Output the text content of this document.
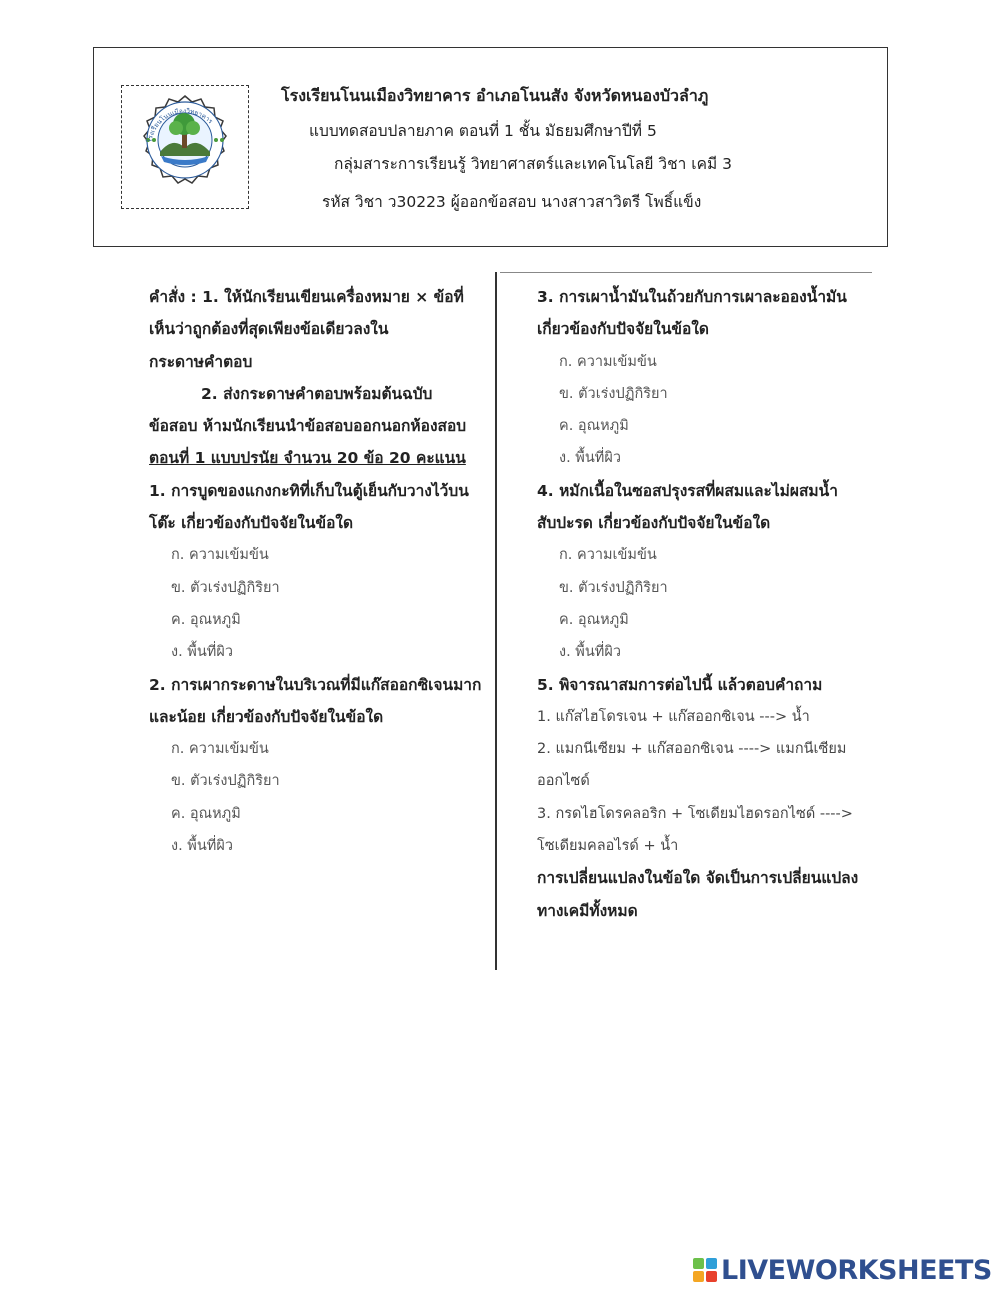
โรงเรียนโนนเมืองวิทยาคาร
โรงเรียนโนนเมืองวิทยาคาร อำเภอโนนสัง จังหวัดหนองบัวลำภู
แบบทดสอบปลายภาค ตอนที่ 1 ชั้น มัธยมศึกษาปีที่ 5
กลุ่มสาระการเรียนรู้ วิทยาศาสตร์และเทคโนโลยี วิชา เคมี 3
รหัส วิชา ว30223 ผู้ออกข้อสอบ นางสาวสาวิตรี โพธิ์แข็ง
คำสั่ง : 1. ให้นักเรียนเขียนเครื่องหมาย × ข้อที่
เห็นว่าถูกต้องที่สุดเพียงข้อเดียวลงใน
กระดาษคำตอบ
2. ส่งกระดาษคำตอบพร้อมต้นฉบับ
ข้อสอบ ห้ามนักเรียนนำข้อสอบออกนอกห้องสอบ
ตอนที่ 1 แบบปรนัย จำนวน 20 ข้อ 20 คะแนน
1. การบูดของแกงกะทิที่เก็บในตู้เย็นกับวางไว้บน
โต๊ะ เกี่ยวข้องกับปัจจัยในข้อใด
ก. ความเข้มข้น
ข. ตัวเร่งปฏิกิริยา
ค. อุณหภูมิ
ง. พื้นที่ผิว
2. การเผากระดาษในบริเวณที่มีแก๊สออกซิเจนมาก
และน้อย เกี่ยวข้องกับปัจจัยในข้อใด
ก. ความเข้มข้น
ข. ตัวเร่งปฏิกิริยา
ค. อุณหภูมิ
ง. พื้นที่ผิว
3. การเผาน้ำมันในถ้วยกับการเผาละอองน้ำมัน
เกี่ยวข้องกับปัจจัยในข้อใด
ก. ความเข้มข้น
ข. ตัวเร่งปฏิกิริยา
ค. อุณหภูมิ
ง. พื้นที่ผิว
4. หมักเนื้อในซอสปรุงรสที่ผสมและไม่ผสมน้ำ
สับปะรด เกี่ยวข้องกับปัจจัยในข้อใด
ก. ความเข้มข้น
ข. ตัวเร่งปฏิกิริยา
ค. อุณหภูมิ
ง. พื้นที่ผิว
5. พิจารณาสมการต่อไปนี้ แล้วตอบคำถาม
1. แก๊สไฮโดรเจน + แก๊สออกซิเจน ---> น้ำ
2. แมกนีเซียม + แก๊สออกซิเจน ----> แมกนีเซียม
ออกไซด์
3. กรดไฮโดรคลอริก + โซเดียมไฮดรอกไซด์ ---->
โซเดียมคลอไรด์ + น้ำ
การเปลี่ยนแปลงในข้อใด จัดเป็นการเปลี่ยนแปลง
ทางเคมีทั้งหมด
LIVEWORKSHEETS
